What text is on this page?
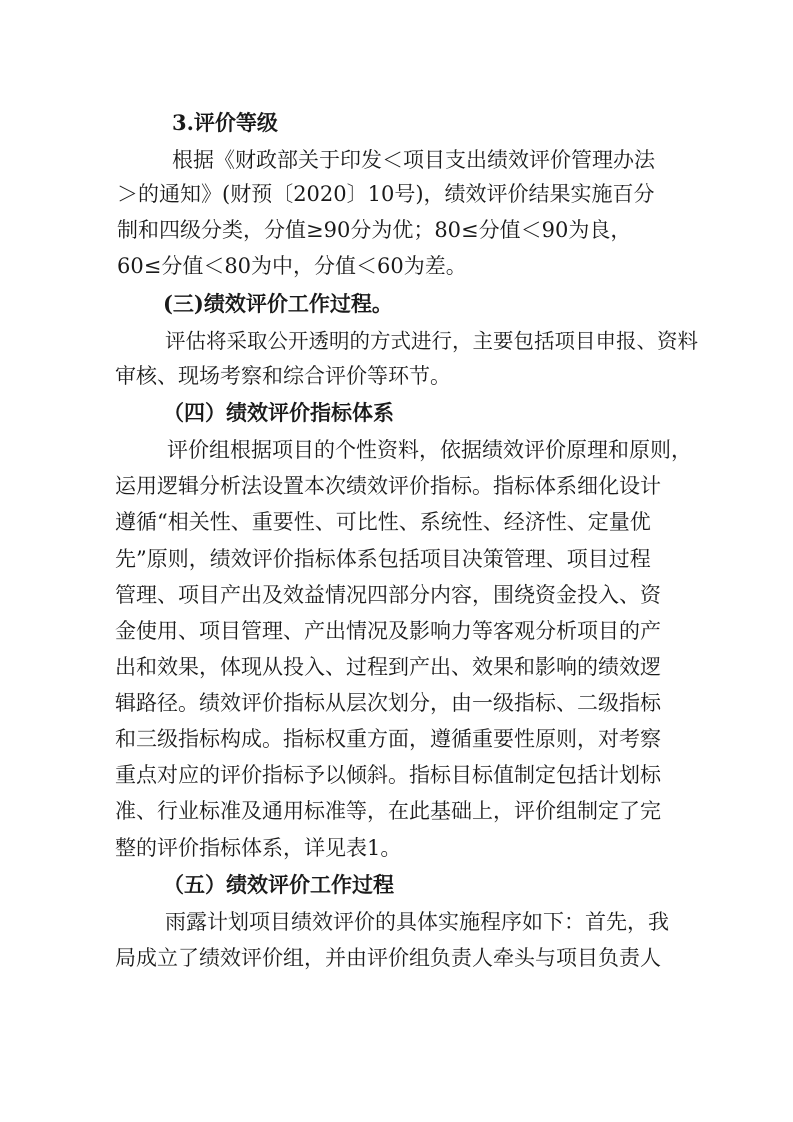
3.评价等级
根据《财政部关于印发＜项目支出绩效评价管理办法
＞的通知》(财预〔2020〕10号)，绩效评价结果实施百分
制和四级分类，分值≥90分为优；80≤分值＜90为良，
60≤分值＜80为中，分值＜60为差。
(三)绩效评价工作过程。
评估将采取公开透明的方式进行，主要包括项目申报、资料
审核、现场考察和综合评价等环节。
（四）绩效评价指标体系
评价组根据项目的个性资料，依据绩效评价原理和原则，
运用逻辑分析法设置本次绩效评价指标。指标体系细化设计
遵循“相关性、重要性、可比性、系统性、经济性、定量优
先”原则，绩效评价指标体系包括项目决策管理、项目过程
管理、项目产出及效益情况四部分内容，围绕资金投入、资
金使用、项目管理、产出情况及影响力等客观分析项目的产
出和效果，体现从投入、过程到产出、效果和影响的绩效逻
辑路径。绩效评价指标从层次划分，由一级指标、二级指标
和三级指标构成。指标权重方面，遵循重要性原则，对考察
重点对应的评价指标予以倾斜。指标目标值制定包括计划标
准、行业标准及通用标准等，在此基础上，评价组制定了完
整的评价指标体系，详见表1。
（五）绩效评价工作过程
雨露计划项目绩效评价的具体实施程序如下：首先，我
局成立了绩效评价组，并由评价组负责人牵头与项目负责人
